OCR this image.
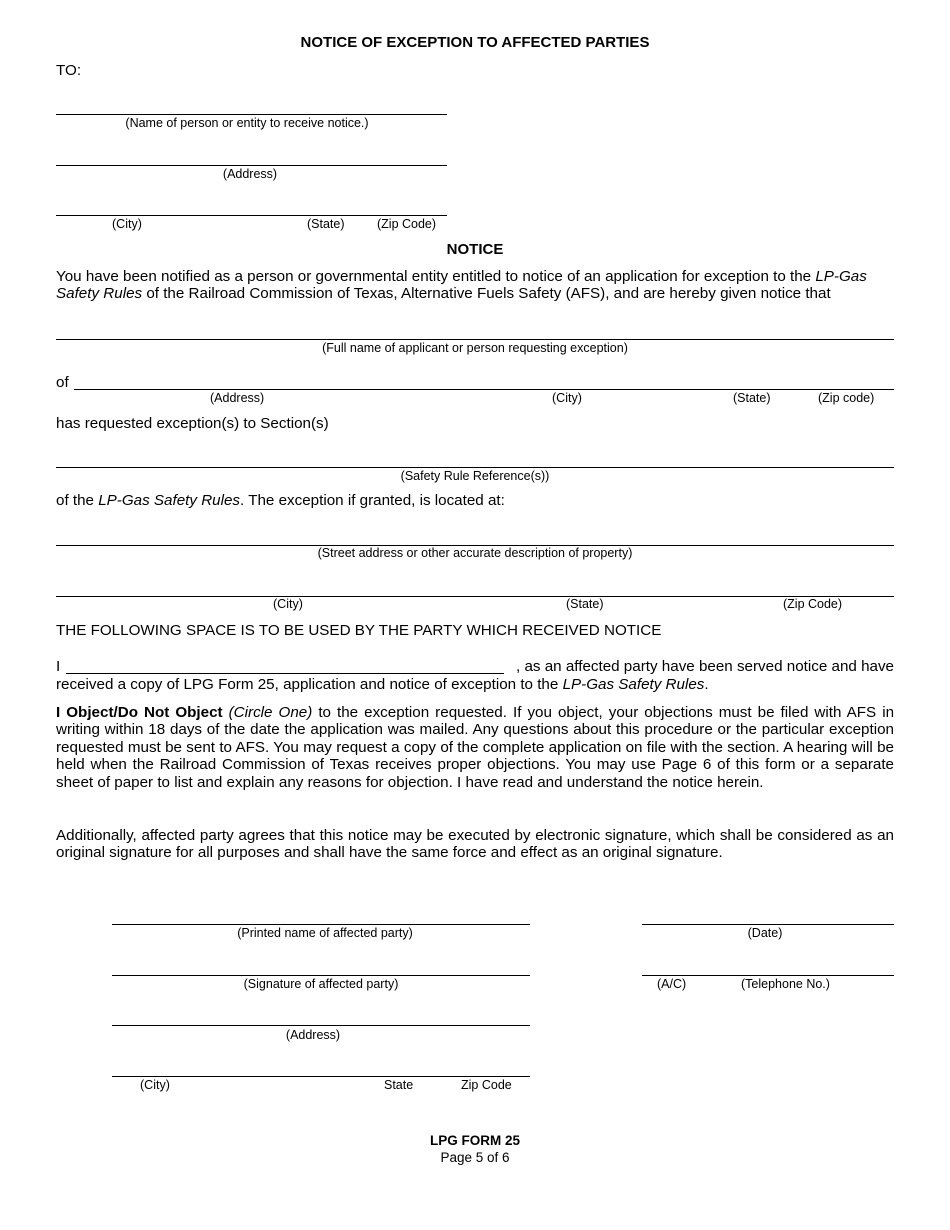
NOTICE OF EXCEPTION TO AFFECTED PARTIES
TO:
(Name of person or entity to receive notice.)
(Address)
(City)	(State)	(Zip Code)
NOTICE
You have been notified as a person or governmental entity entitled to notice of an application for exception to the LP-Gas Safety Rules of the Railroad Commission of Texas, Alternative Fuels Safety (AFS), and are hereby given notice that
(Full name of applicant or person requesting exception)
of
(Address)	(City)	(State)	(Zip code)
has requested exception(s) to Section(s)
(Safety Rule Reference(s))
of the LP-Gas Safety Rules. The exception if granted, is located at:
(Street address or other accurate description of property)
(City)	(State)	(Zip Code)
THE FOLLOWING SPACE IS TO BE USED BY THE PARTY WHICH RECEIVED NOTICE
I	, as an affected party have been served notice and have
received a copy of LPG Form 25, application and notice of exception to the LP-Gas Safety Rules.
I Object/Do Not Object (Circle One) to the exception requested. If you object, your objections must be filed with AFS in writing within 18 days of the date the application was mailed. Any questions about this procedure or the particular exception requested must be sent to AFS. You may request a copy of the complete application on file with the section. A hearing will be held when the Railroad Commission of Texas receives proper objections. You may use Page 6 of this form or a separate sheet of paper to list and explain any reasons for objection. I have read and understand the notice herein.
Additionally, affected party agrees that this notice may be executed by electronic signature, which shall be considered as an original signature for all purposes and shall have the same force and effect as an original signature.
(Printed name of affected party)
(Signature of affected party)
(Address)
(City)	State	Zip Code
(Date)
(A/C)	(Telephone No.)
LPG FORM 25
Page 5 of 6
